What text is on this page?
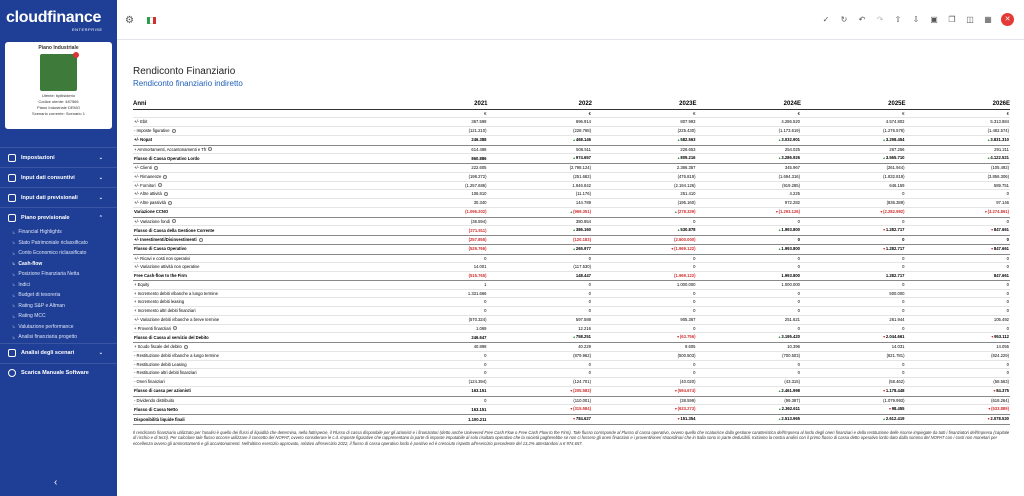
cloudfinance
ENTERPRISE
Piano Industriale
Utente: bpitisiderio
Codice utente: 487566
Piano Industriale DEMO
Scenario corrente: Scenario 1
Impostazioni	⌄
Input dati consuntivi	⌄
Input dati previsionali	⌄
Piano previsionale	⌃
↳ Financial Highlights
↳ Stato Patrimoniale riclassificato
↳ Conto Economico riclassificato
↳ Cash-flow
↳ Posizione Finanziaria Netta
↳ Indici
↳ Budget di tesoreria
↳ Rating S&P e Altman
↳ Rating MCC
↳ Valutazione performance
↳ Analisi finanziaria progetto
Analisi degli scenari	⌄
Scarica Manuale Software
‹
⚙	✓ ↻ ↶ ↷ ⇧ ⇩ ▣ ❐ ◫ ▦	✕
Rendiconto Finanziario
Rendiconto finanziario indiretto
Anni	2021	2022	2023E	2024E	2025E	2026E
	€	€	€	€	€	€
+/- Ebit	367.598	696.914	807.993	4.286.520	4.574.802	5.313.884
- Imposte figurative	(121.210)	(228.768)	(225.430)	(1.173.619)	(1.276.578)	(1.482.574)
+/- Nopat	246.388	▲468.146	▲582.563	▲3.032.901	▲3.298.454	▲3.831.310
+ Ammortamenti, Accantonamenti e Tfr	614.498	506.511	226.653	254.025	267.256	291.211
Flusso di Cassa Operativo Lordo	860.886	▲974.657	▲809.216	▲3.286.926	▲3.565.710	▲4.122.521
+/- Clienti	222.605	(2.798.124)	2.386.357	345.967	(261.944)	(105.492)
+/- Rimanenze	(198.272)	(251.682)	(476.819)	(1.694.316)	(1.832.819)	(3.856.306)
+/- Fornitori	(1.257.686)	1.946.842	(2.194.126)	(919.285)	646.159	589.751
+/- Altre attività	106.810	(11.176)	251.410	4.225	0	0
+/- Altre passività	30.340	144.789	(195.160)	972.282	(836.389)	97.146
Variazione CCNO	(1.096.202)	▲(969.351)	▲(278.339)	▼(1.293.126)	▼(2.282.992)	▼(3.274.861)
+/- Variazione fondi	(36.594)	380.854	0	0	0	0
Flusso di Cassa della Gestione Corrente	(271.911)	▲386.160	▲530.878	▲1.993.800	▼1.282.717	▼847.661
+/- Investimenti/Disinvestimenti	(257.855)	(120.183)	(2.500.000)	0	0	0
Flusso di Cassa Operativo	(529.766)	▲265.977	▼(1.969.122)	▲1.993.800	▼1.282.717	▼847.661
+/- Ricavi e costi non operativi	0	0	0	0	0	0
+/- Variazione attività non operative	14.001	(117.530)	0	0	0	0
Free Cash-flow to the Firm	(515.765)	148.447	(1.969.122)	1.993.800	1.282.717	847.661
+ Equity	1	0	1.000.000	1.000.000	0	0
+ Incremento debiti v/banche a lungo termine	1.331.666	0	0	0	500.000	0
+ Incremento debiti leasing	0	0	0	0	0	0
+ Incremento altri debiti finanziari	0	0	0	0	0	0
+/- Variazione debiti v/banche a breve termine	(570.324)	597.588	905.367	251.621	261.944	105.492
+ Proventi finanziari	1.069	12.216	0	0	0	0
Flusso di Cassa al servizio del Debito	246.647	▲758.251	▼(63.756)	▲3.195.420	▼2.044.661	▼953.112
+ Scudo fiscale del debito	40.898	40.229	9.605	10.396	14.031	14.055
- Restituzione debiti v/banche a lungo termine	0	(879.962)	(500.503)	(700.503)	(821.781)	(824.229)
- Restituzione debiti Leasing	0	0	0	0	0	0
- Restituzione altri debiti finanziari	0	0	0	0	0	0
- Oneri finanziari	(124.394)	(124.701)	(40.020)	(43.315)	(58.462)	(58.563)
Flusso di cassa per azionisti	163.151	▼(205.583)	▼(594.674)	▲2.461.998	▼1.178.448	▼84.375
- Dividendo distribuito	0	(110.001)	(38.599)	(99.387)	(1.079.993)	(618.264)
Flusso di Cassa Netto	163.151	▼(315.584)	▼(633.273)	▲2.362.611	▼98.455	▼(533.889)
Disponibilità liquide finali	1.100.211	▼784.627	▼151.354	▲2.513.965	▲2.612.419	▼2.078.530
Il rendiconto finanziario utilizzato per l'analisi è quello dei flussi di liquidità che determina, nella fattispecie, il Flusso di cassa disponibile per gli azionisti e i finanziatori (detto anche Unlevered Free Cash Flow o Free Cash Flow to the Firm). Tale flusso corrisponde al Flusso di cassa operativo, ovvero quello che scaturisce dalla gestione caratteristica dell'impresa al lordo degli oneri finanziari e della restituzione delle risorse impiegate da tutti i finanziatori dell'impresa (capitale di rischio e di terzi). Per calcolare tale flusso occorre utilizzare il concetto del NOPAT, ovvero considerare le c.d. imposte figurative che rappresentano la parte di imposte imputabile al solo risultato operativo che la società pagherebbe se non ci fossero gli oneri finanziari e i proventi/oneri straordinari che in Italia sono in parte deducibili. Iniziamo la nostra analisi con il primo flusso di cassa detto operativo lordo dato dalla somma del NOPAT con i costi non monetari per eccellenza ovvero gli ammortamenti e gli accantonamenti. Nell'ultimo esercizio approvato, relativo all'esercizio 2022, il flusso di cassa operativo lordo è positivo ed è cresciuto rispetto all'esercizio precedente del 13,2% attestandosi a € 974.657.
